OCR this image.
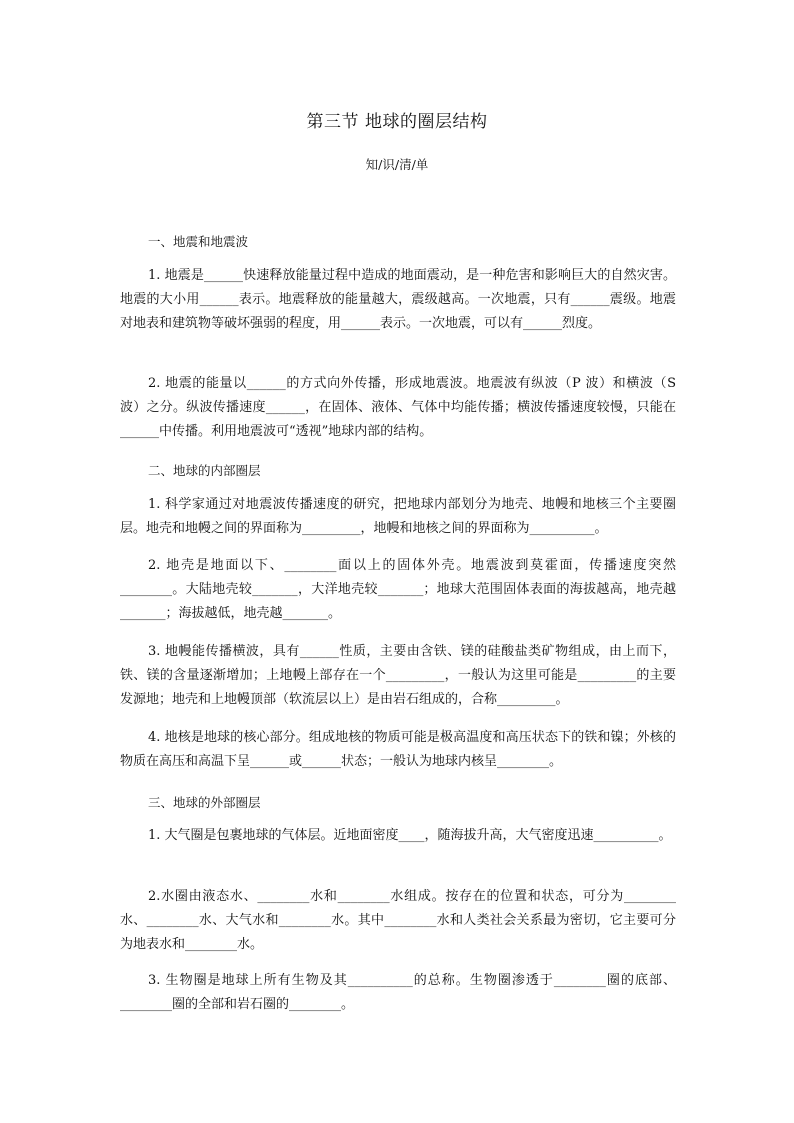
第三节 地球的圈层结构
知/识/清/单
一、地震和地震波
1. 地震是______快速释放能量过程中造成的地面震动，是一种危害和影响巨大的自然灾害。地震的大小用______表示。地震释放的能量越大，震级越高。一次地震，只有______震级。地震对地表和建筑物等破坏强弱的程度，用______表示。一次地震，可以有______烈度。
2. 地震的能量以______的方式向外传播，形成地震波。地震波有纵波（P 波）和横波（S 波）之分。纵波传播速度______，在固体、液体、气体中均能传播；横波传播速度较慢，只能在______中传播。利用地震波可“透视”地球内部的结构。
二、地球的内部圈层
1. 科学家通过对地震波传播速度的研究，把地球内部划分为地壳、地幔和地核三个主要圈层。地壳和地幔之间的界面称为_________，地幔和地核之间的界面称为__________。
2. 地壳是地面以下、________面以上的固体外壳。地震波到莫霍面，传播速度突然________。大陆地壳较_______，大洋地壳较_______；地球大范围固体表面的海拔越高，地壳越_______；海拔越低，地壳越_______。
3. 地幔能传播横波，具有______性质，主要由含铁、镁的硅酸盐类矿物组成，由上而下，铁、镁的含量逐渐增加；上地幔上部存在一个_________，一般认为这里可能是_________的主要发源地；地壳和上地幔顶部（软流层以上）是由岩石组成的，合称_________。
4. 地核是地球的核心部分。组成地核的物质可能是极高温度和高压状态下的铁和镍；外核的物质在高压和高温下呈______或______状态；一般认为地球内核呈________。
三、地球的外部圈层
1. 大气圈是包裹地球的气体层。近地面密度____，随海拔升高，大气密度迅速__________。
2.水圈由液态水、________水和________水组成。按存在的位置和状态，可分为________水、________水、大气水和________水。其中________水和人类社会关系最为密切，它主要可分为地表水和________水。
3. 生物圈是地球上所有生物及其__________的总称。生物圈渗透于________圈的底部、________圈的全部和岩石圈的________。
